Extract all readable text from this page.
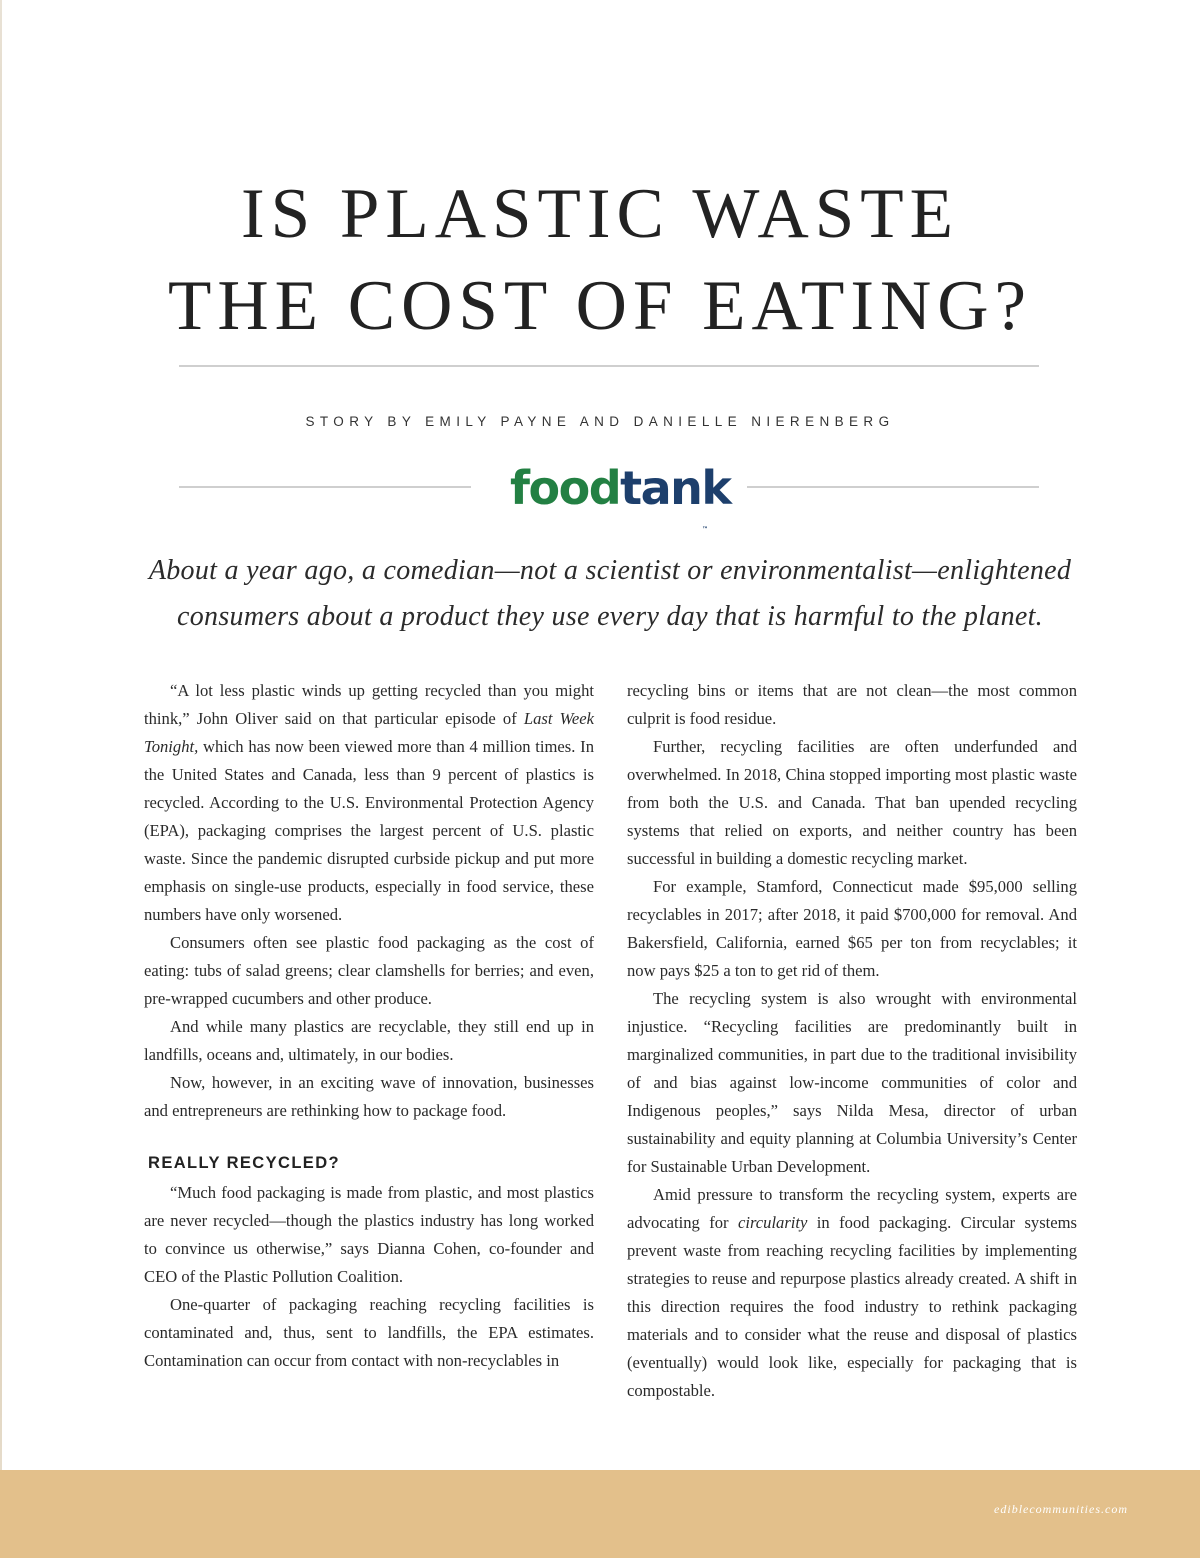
IS PLASTIC WASTE
THE COST OF EATING?
STORY BY EMILY PAYNE AND DANIELLE NIERENBERG
foodtank
™
About a year ago, a comedian—not a scientist or environmentalist—enlightened
consumers about a product they use every day that is harmful to the planet.

“A lot less plastic winds up getting recycled than you might think,” John Oliver said on that particular episode of Last Week Tonight, which has now been viewed more than 4 million times. In the United States and Canada, less than 9 percent of plastics is recycled. According to the U.S. Environmental Protection Agency (EPA), packaging comprises the largest percent of U.S. plastic waste. Since the pandemic disrupted curbside pickup and put more emphasis on single-use products, especially in food service, these numbers have only worsened.

Consumers often see plastic food packaging as the cost of eating: tubs of salad greens; clear clamshells for berries; and even, pre-wrapped cucumbers and other produce.

And while many plastics are recyclable, they still end up in landfills, oceans and, ultimately, in our bodies.

Now, however, in an exciting wave of innovation, businesses and entrepreneurs are rethinking how to package food.

REALLY RECYCLED?

“Much food packaging is made from plastic, and most plastics are never recycled—though the plastics industry has long worked to convince us otherwise,” says Dianna Cohen, co-founder and CEO of the Plastic Pollution Coalition.

One-quarter of packaging reaching recycling facilities is contaminated and, thus, sent to landfills, the EPA estimates. Contamination can occur from contact with non-recyclables in

recycling bins or items that are not clean—the most common culprit is food residue.

Further, recycling facilities are often underfunded and overwhelmed. In 2018, China stopped importing most plastic waste from both the U.S. and Canada. That ban upended recycling systems that relied on exports, and neither country has been successful in building a domestic recycling market.

For example, Stamford, Connecticut made $95,000 selling recyclables in 2017; after 2018, it paid $700,000 for removal. And Bakersfield, California, earned $65 per ton from recyclables; it now pays $25 a ton to get rid of them.

The recycling system is also wrought with environmental injustice. “Recycling facilities are predominantly built in marginalized communities, in part due to the traditional invisibility of and bias against low-income communities of color and Indigenous peoples,” says Nilda Mesa, director of urban sustainability and equity planning at Columbia University’s Center for Sustainable Urban Development.

Amid pressure to transform the recycling system, experts are advocating for circularity in food packaging. Circular systems prevent waste from reaching recycling facilities by implementing strategies to reuse and repurpose plastics already created. A shift in this direction requires the food industry to rethink packaging materials and to consider what the reuse and disposal of plastics (eventually) would look like, especially for packaging that is compostable.

ediblecommunities.com
